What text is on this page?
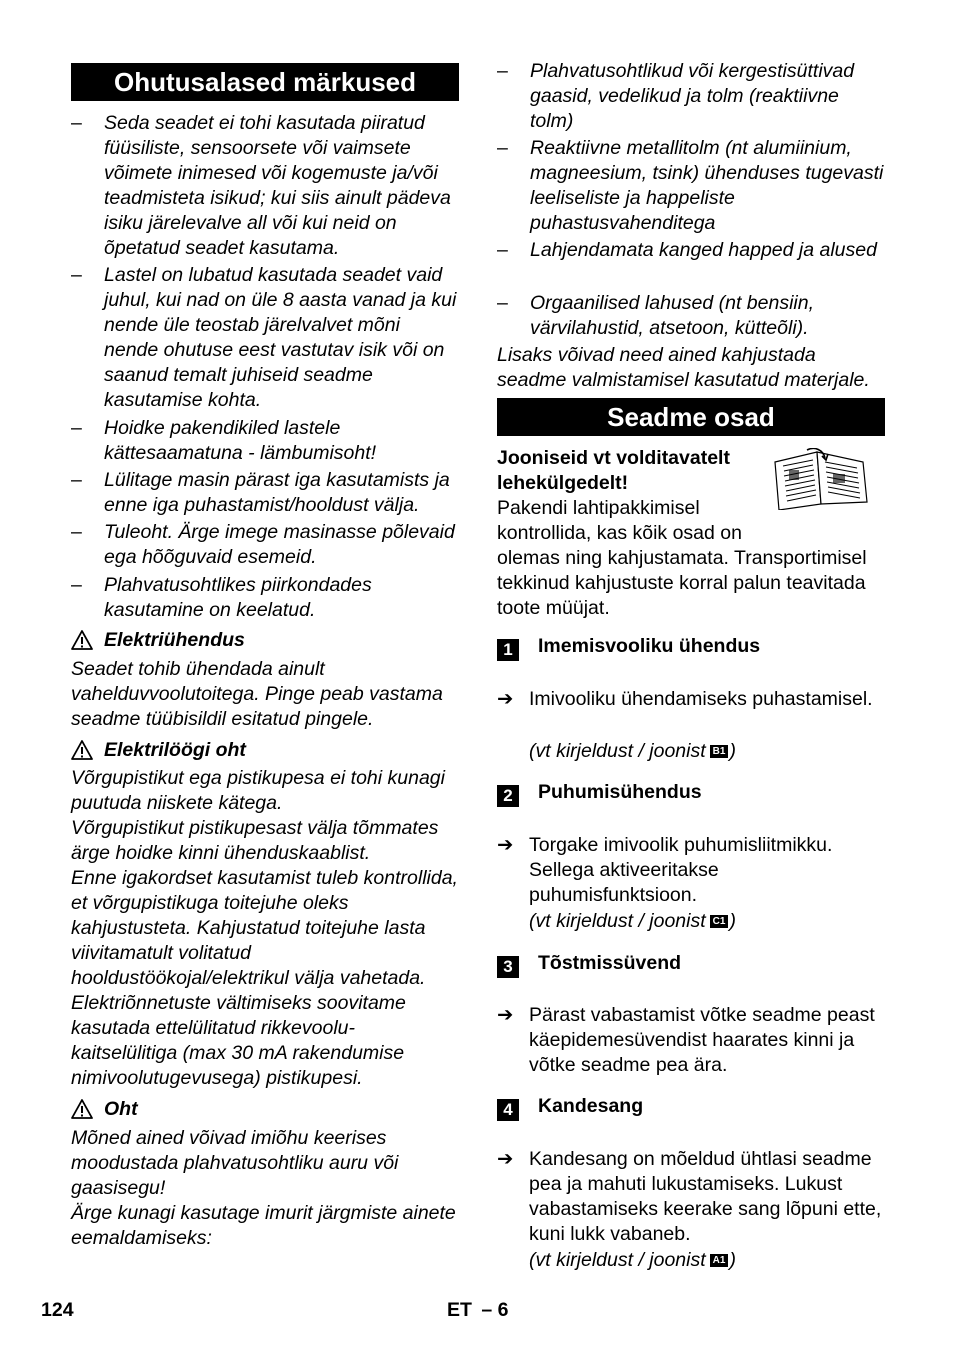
Ohutusalased märkused
– Seda seadet ei tohi kasutada piiratud füüsiliste, sensoorsete või vaimsete võimete inimesed või kogemuste ja/või teadmisteta isikud; kui siis ainult pädeva isiku järelevalve all või kui neid on õpetatud seadet kasutama.
– Lastel on lubatud kasutada seadet vaid juhul, kui nad on üle 8 aasta vanad ja kui nende üle teostab järelvalvet mõni nende ohutuse eest vastutav isik või on saanud temalt juhiseid seadme kasutamise kohta.
– Hoidke pakendikiled lastele kättesaamatuna - lämbumisoht!
– Lülitage masin pärast iga kasutamists ja enne iga puhastamist/hooldust välja.
– Tuleoht. Ärge imege masinasse põlevaid ega hõõguvaid esemeid.
– Plahvatusohtlikes piirkondades kasutamine on keelatud.
Elektriühendus
Seadet tohib ühendada ainult vahelduvvoolutoitega. Pinge peab vastama seadme tüübisildil esitatud pingele.
Elektrilöögi oht
Võrgupistikut ega pistikupesa ei tohi kunagi puutuda niiskete kätega.
Võrgupistikut pistikupesast välja tõmmates ärge hoidke kinni ühenduskaablist.
Enne igakordset kasutamist tuleb kontrollida, et võrgupistikuga toitejuhe oleks kahjustusteta. Kahjustatud toitejuhe lasta viivitamatult volitatud hooldustöökojal/elektrikul välja vahetada.
Elektriõnnetuste vältimiseks soovitame kasutada ettelülitatud rikkevoolu-kaitselülitiga (max 30 mA rakendumise nimivoolutugevusega) pistikupesi.
Oht
Mõned ained võivad imiõhu keerises moodustada plahvatusohtliku auru või gaasisegu!
Ärge kunagi kasutage imurit järgmiste ainete eemaldamiseks:
– Plahvatusohtlikud või kergestisüttivad gaasid, vedelikud ja tolm (reaktiivne tolm)
– Reaktiivne metallitolm (nt alumiinium, magneesium, tsink) ühenduses tugevasti leeliseliste ja happeliste puhastusvahenditega
– Lahjendamata kanged happed ja alused
– Orgaanilised lahused (nt bensiin, värvilahustid, atsetoon, kütteõli).
Lisaks võivad need ained kahjustada seadme valmistamisel kasutatud materjale.
Seadme osad
Jooniseid vt volditavatelt lehekülgedelt!
Pakendi lahtipakkimisel kontrollida, kas kõik osad on olemas ning kahjustamata. Transportimisel tekkinud kahjustuste korral palun teavitada toote müüjat.
1	Imemisvooliku ühendus
➔ Imivooliku ühendamiseks puhastamisel.
(vt kirjeldust / joonist B1 )
2	Puhumisühendus
➔ Torgake imivoolik puhumisliitmikku. Sellega aktiveeritakse puhumisfunktsioon.
(vt kirjeldust / joonist C1 )
3	Tõstmissüvend
➔ Pärast vabastamist võtke seadme peast käepidemesüvendist haarates kinni ja võtke seadme pea ära.
4	Kandesang
➔ Kandesang on mõeldud ühtlasi seadme pea ja mahuti lukustamiseks. Lukust vabastamiseks keerake sang lõpuni ette, kuni lukk vabaneb.
(vt kirjeldust / joonist A1 )
124	ET – 6
